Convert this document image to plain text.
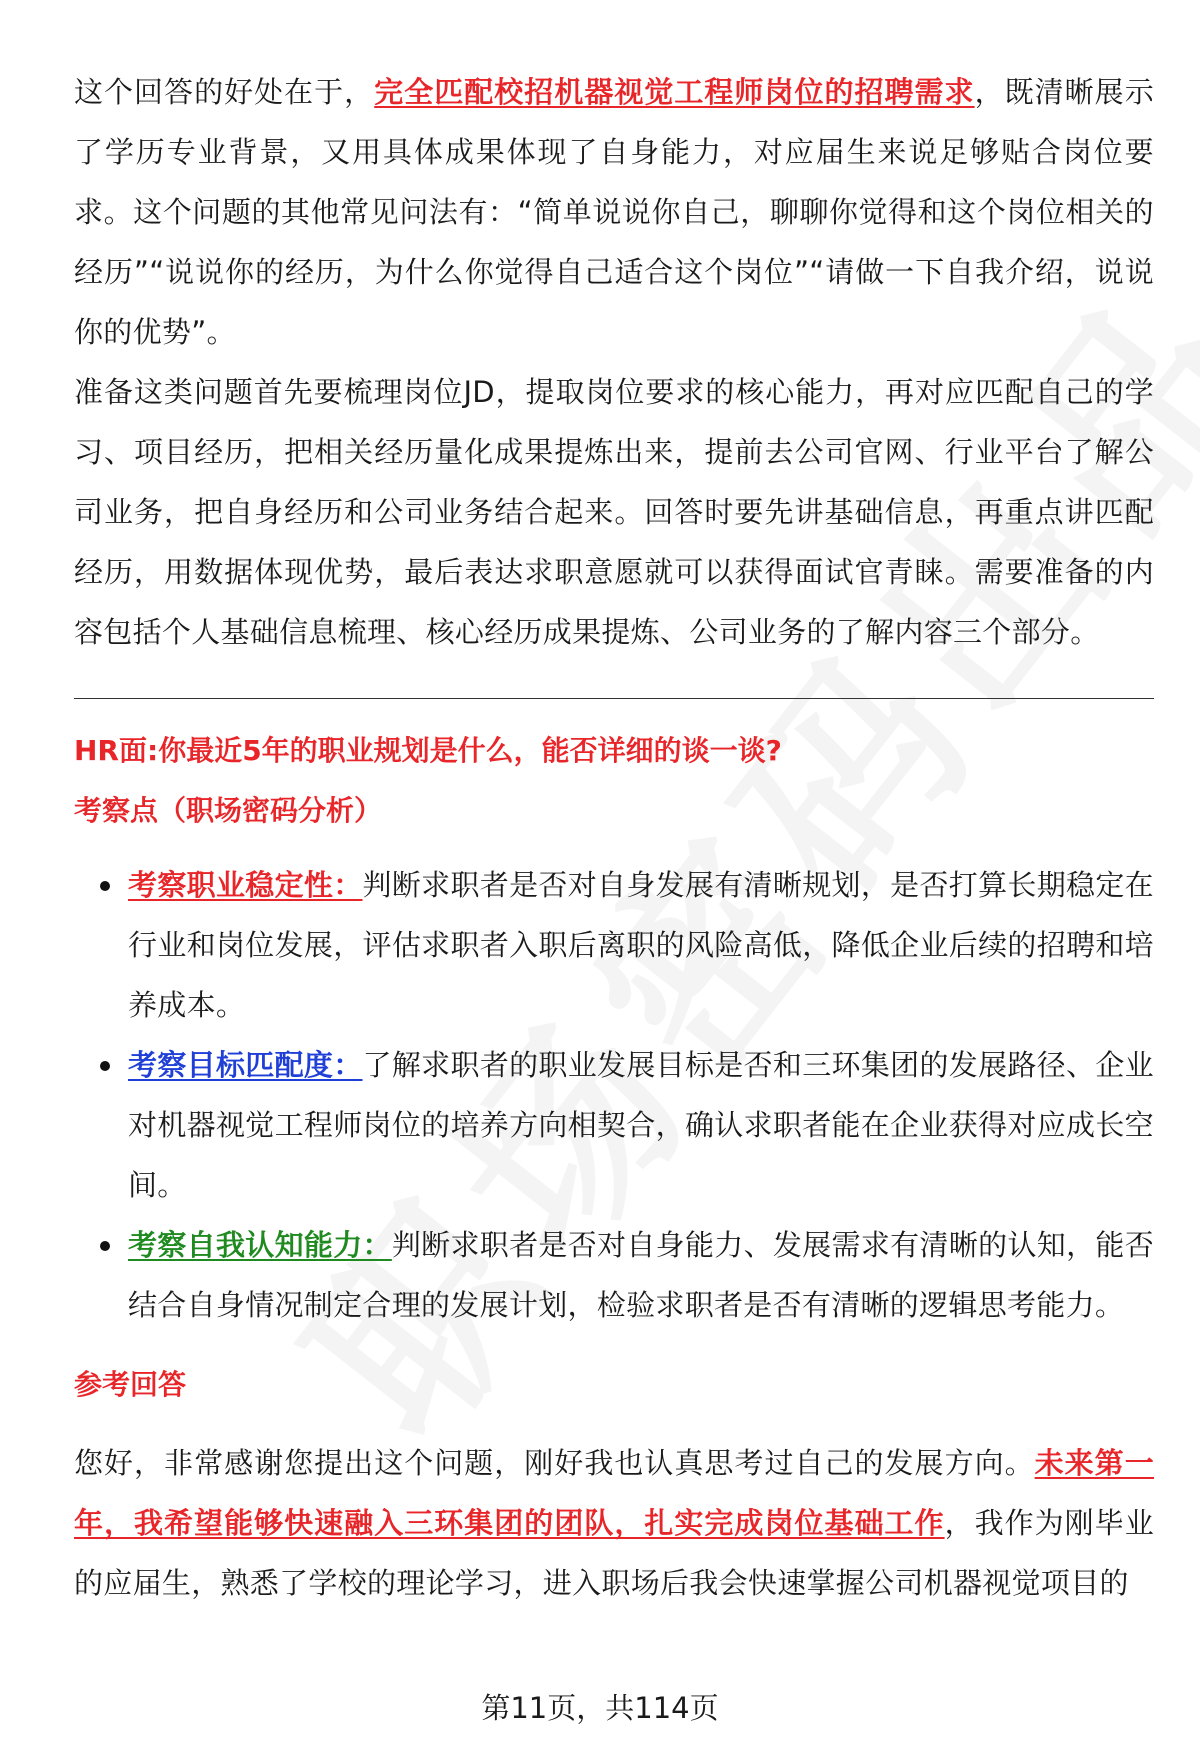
这个回答的好处在于，完全匹配校招机器视觉工程师岗位的招聘需求，既清晰展示了学历专业背景，又用具体成果体现了自身能力，对应届生来说足够贴合岗位要求。这个问题的其他常见问法有：“简单说说你自己，聊聊你觉得和这个岗位相关的经历”“说说你的经历，为什么你觉得自己适合这个岗位”“请做一下自我介绍，说说你的优势”。

准备这类问题首先要梳理岗位JD，提取岗位要求的核心能力，再对应匹配自己的学习、项目经历，把相关经历量化成果提炼出来，提前去公司官网、行业平台了解公司业务，把自身经历和公司业务结合起来。回答时要先讲基础信息，再重点讲匹配经历，用数据体现优势，最后表达求职意愿就可以获得面试官青睐。需要准备的内容包括个人基础信息梳理、核心经历成果提炼、公司业务的了解内容三个部分。

HR面:你最近5年的职业规划是什么，能否详细的谈一谈?

考察点（职场密码分析）

考察职业稳定性：判断求职者是否对自身发展有清晰规划，是否打算长期稳定在行业和岗位发展，评估求职者入职后离职的风险高低，降低企业后续的招聘和培养成本。
考察目标匹配度：了解求职者的职业发展目标是否和三环集团的发展路径、企业对机器视觉工程师岗位的培养方向相契合，确认求职者能在企业获得对应成长空间。
考察自我认知能力：判断求职者是否对自身能力、发展需求有清晰的认知，能否结合自身情况制定合理的发展计划，检验求职者是否有清晰的逻辑思考能力。

参考回答

您好，非常感谢您提出这个问题，刚好我也认真思考过自己的发展方向。未来第一年，我希望能够快速融入三环集团的团队，扎实完成岗位基础工作，我作为刚毕业的应届生，熟悉了学校的理论学习，进入职场后我会快速掌握公司机器视觉项目的

第11页，共114页
